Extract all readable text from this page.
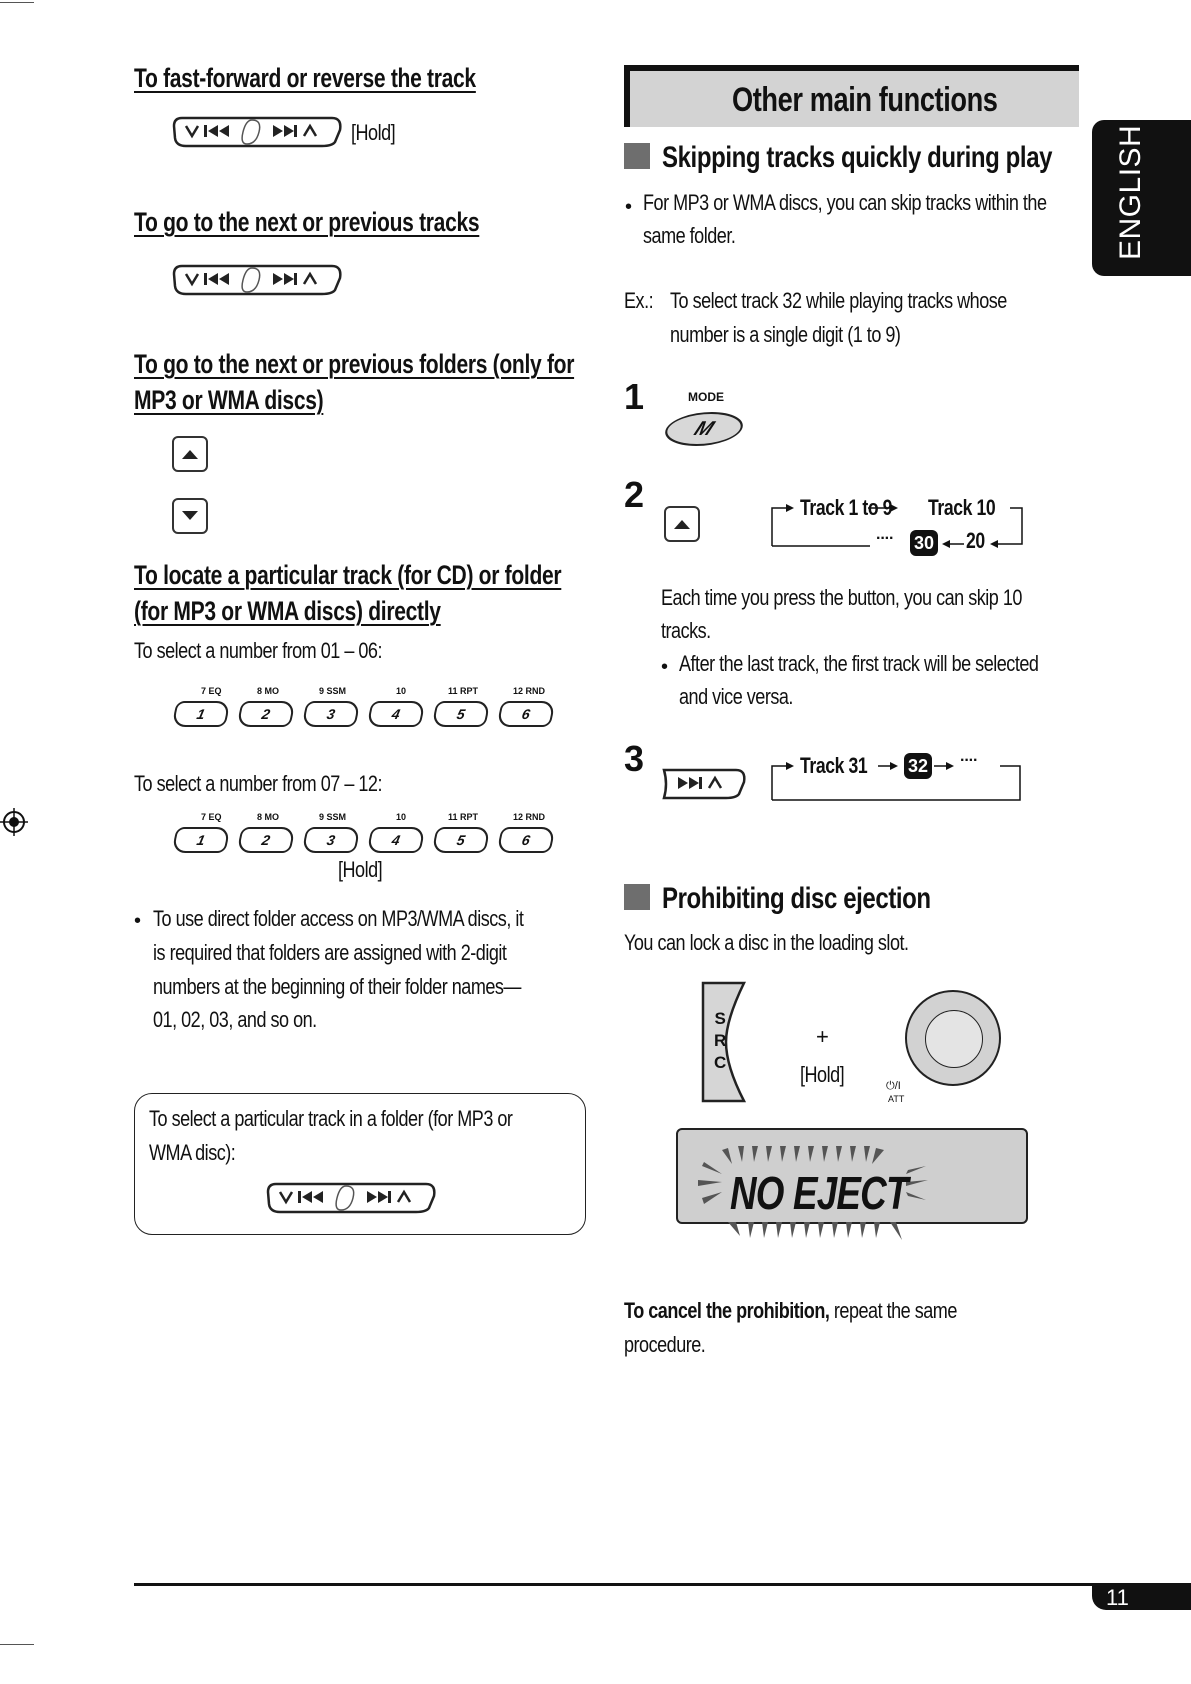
To fast-forward or reverse the track
[Hold]
To go to the next or previous tracks
To go to the next or previous folders (only for
MP3 or WMA discs)
To locate a particular track (for CD) or folder
(for MP3 or WMA discs) directly
To select a number from 01 – 06:
7 EQ	8 MO	9 SSM	10	11 RPT	12 RND
1	2	3	4	5	6
To select a number from 07 – 12:
7 EQ	8 MO	9 SSM	10	11 RPT	12 RND
1	2	3	4	5	6
[Hold]
• To use direct folder access on MP3/WMA discs, it
is required that folders are assigned with 2-digit
numbers at the beginning of their folder names—
01, 02, 03, and so on.
To select a particular track in a folder (for MP3 or
WMA disc):
Other main functions
Skipping tracks quickly during play
• For MP3 or WMA discs, you can skip tracks within the
same folder.
Ex.: To select track 32 while playing tracks whose
number is a single digit (1 to 9)
1	MODE
M
2	Track 1 to 9 Track 10
···· 30 20
Each time you press the button, you can skip 10
tracks.
• After the last track, the first track will be selected
and vice versa.
3	Track 31 32 ····
Prohibiting disc ejection
You can lock a disc in the loading slot.
S
R
C
+
[Hold]	⏻/I
ATT
NO EJECT
To cancel the prohibition, repeat the same
procedure.
ENGLISH
11
